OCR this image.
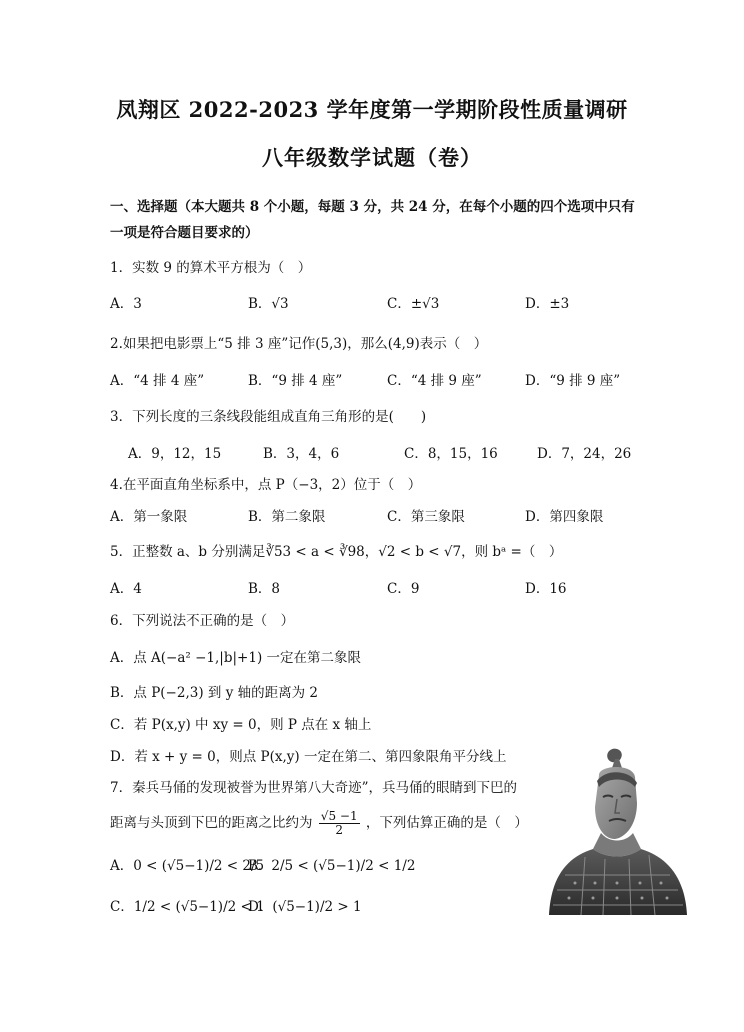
凤翔区 2022-2023 学年度第一学期阶段性质量调研
八年级数学试题（卷）
一、选择题（本大题共 8 个小题，每题 3 分，共 24 分，在每个小题的四个选项中只有
一项是符合题目要求的）
1．实数 9 的算术平方根为（　）
A．3	B．√3	C．±√3	D．±3
2.如果把电影票上“5 排 3 座”记作(5,3)，那么(4,9)表示（　）
A．“4 排 4 座”	B．“9 排 4 座”	C．“4 排 9 座”	D．“9 排 9 座”
3．下列长度的三条线段能组成直角三角形的是(　　)
A．9，12，15	B．3，4，6	C．8，15，16	D．7，24，26
4.在平面直角坐标系中，点 P（−3，2）位于（　）
A．第一象限	B．第二象限	C．第三象限	D．第四象限
5．正整数 a、b 分别满足∛53 < a < ∛98，√2 < b < √7，则 bᵃ =（　）
A．4	B．8	C．9	D．16
6．下列说法不正确的是（　）
A．点 A(−a² −1,|b|+1) 一定在第二象限
B．点 P(−2,3) 到 y 轴的距离为 2
C．若 P(x,y) 中 xy = 0，则 P 点在 x 轴上
D．若 x + y = 0，则点 P(x,y) 一定在第二、第四象限角平分线上
7．秦兵马俑的发现被誉为世界第八大奇迹”，兵马俑的眼睛到下巴的
距离与头顶到下巴的距离之比约为 $\frac{√5 -1}{2}$ ，下列估算正确的是（　）
A．0 < (√5−1)/2 < 2/5
B．2/5 < (√5−1)/2 < 1/2
C．1/2 < (√5−1)/2 < 1
D．(√5−1)/2 > 1
